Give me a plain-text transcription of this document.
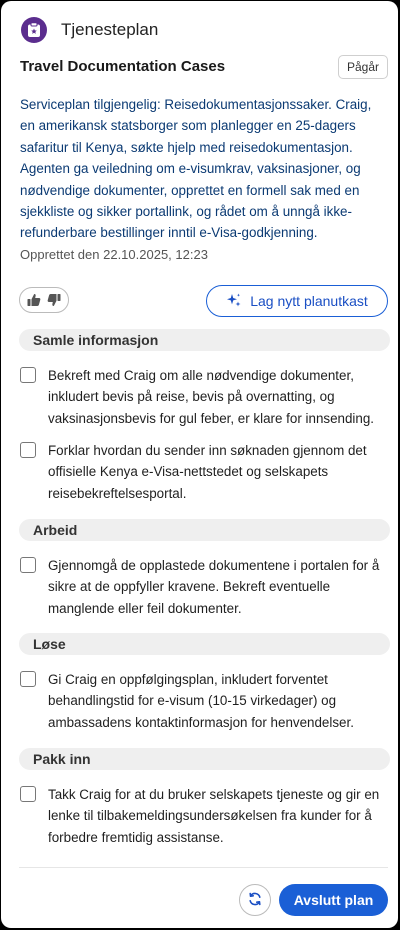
Tjenesteplan
Travel Documentation Cases	Pågår

Serviceplan tilgjengelig: Reisedokumentasjonssaker. Craig, en amerikansk statsborger som planlegger en 25-dagers safaritur til Kenya, søkte hjelp med reisedokumentasjon. Agenten ga veiledning om e-visumkrav, vaksinasjoner, og nødvendige dokumenter, opprettet en formell sak med en sjekkliste og sikker portallink, og rådet om å unngå ikke-refunderbare bestillinger inntil e-Visa-godkjenning.

Opprettet den 22.10.2025, 12:23
Lag nytt planutkast
Samle informasjon

Bekreft med Craig om alle nødvendige dokumenter, inkludert bevis på reise, bevis på overnatting, og vaksinasjonsbevis for gul feber, er klare for innsending.

Forklar hvordan du sender inn søknaden gjennom det offisielle Kenya e-Visa-nettstedet og selskapets reisebekreftelsesportal.

Arbeid

Gjennomgå de opplastede dokumentene i portalen for å sikre at de oppfyller kravene. Bekreft eventuelle manglende eller feil dokumenter.

Løse

Gi Craig en oppfølgingsplan, inkludert forventet behandlingstid for e-visum (10-15 virkedager) og ambassadens kontaktinformasjon for henvendelser.

Pakk inn

Takk Craig for at du bruker selskapets tjeneste og gir en lenke til tilbakemeldingsundersøkelsen fra kunder for å forbedre fremtidig assistanse.

Avslutt plan
